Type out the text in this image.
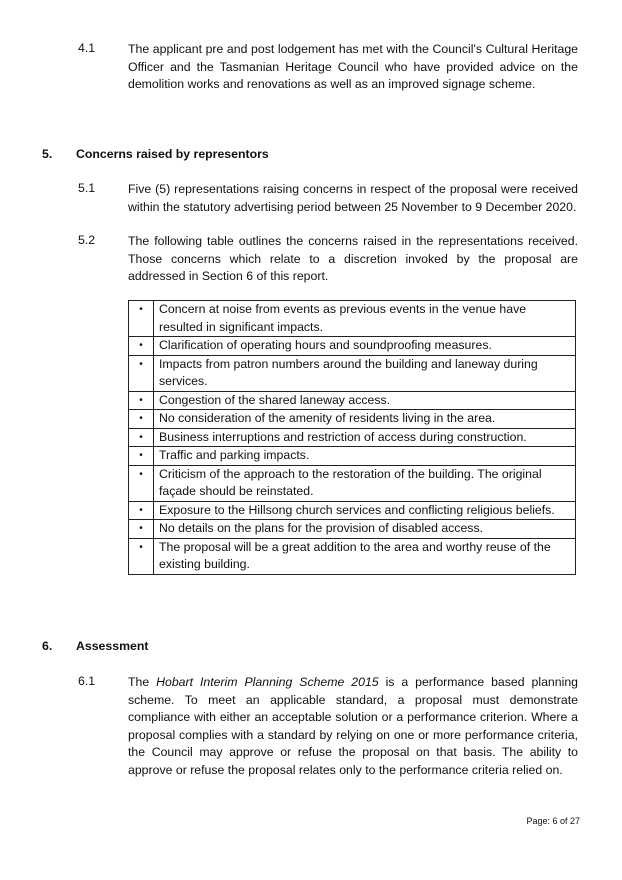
4.1	The applicant pre and post lodgement has met with the Council's Cultural Heritage Officer and the Tasmanian Heritage Council who have provided advice on the demolition works and renovations as well as an improved signage scheme.
5. Concerns raised by representors
5.1	Five (5) representations raising concerns in respect of the proposal were received within the statutory advertising period between 25 November to 9 December 2020.
5.2	The following table outlines the concerns raised in the representations received. Those concerns which relate to a discretion invoked by the proposal are addressed in Section 6 of this report.
•	Concern at noise from events as previous events in the venue have resulted in significant impacts.
•	Clarification of operating hours and soundproofing measures.
•	Impacts from patron numbers around the building and laneway during services.
•	Congestion of the shared laneway access.
•	No consideration of the amenity of residents living in the area.
•	Business interruptions and restriction of access during construction.
•	Traffic and parking impacts.
•	Criticism of the approach to the restoration of the building. The original façade should be reinstated.
•	Exposure to the Hillsong church services and conflicting religious beliefs.
•	No details on the plans for the provision of disabled access.
•	The proposal will be a great addition to the area and worthy reuse of the existing building.
6. Assessment
6.1	The Hobart Interim Planning Scheme 2015 is a performance based planning scheme. To meet an applicable standard, a proposal must demonstrate compliance with either an acceptable solution or a performance criterion. Where a proposal complies with a standard by relying on one or more performance criteria, the Council may approve or refuse the proposal on that basis. The ability to approve or refuse the proposal relates only to the performance criteria relied on.
Page: 6 of 27
